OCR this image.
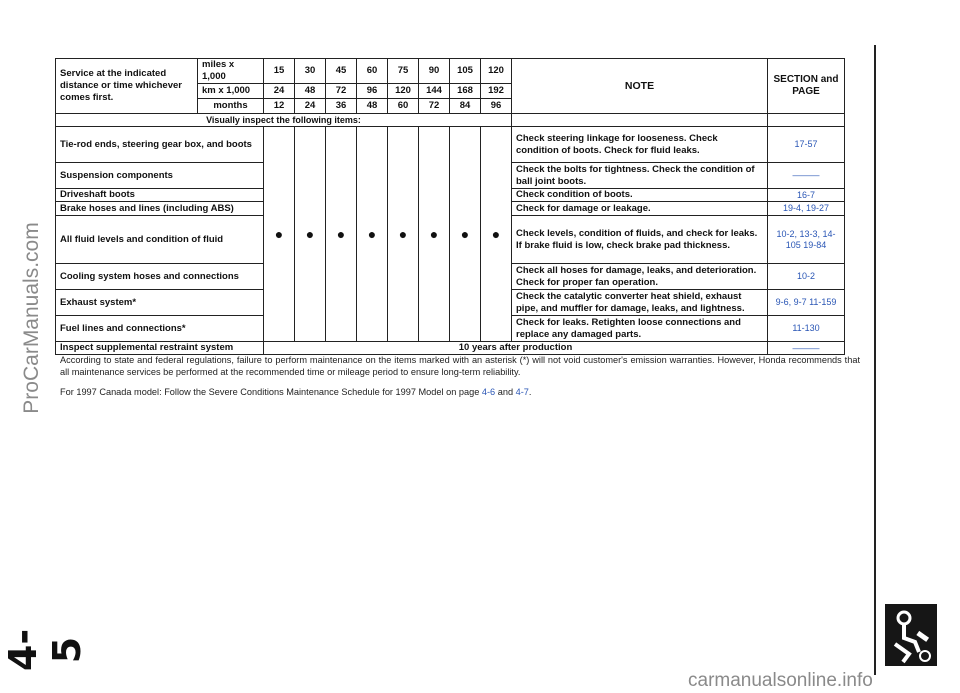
ProCarManuals.com
Service at the indicated distance or time whichever comes first.	miles x 1,000	15	30	45	60	75	90	105	120	NOTE	SECTION and PAGE
	km x 1,000	24	48	72	96	120	144	168	192		
	months	12	24	36	48	60	72	84	96		
Visually inspect the following items:											
Tie-rod ends, steering gear box, and boots		●	●	●	●	●	●	●	●	Check steering linkage for looseness. Check condition of boots. Check for fluid leaks.	17-57
Suspension components										Check the bolts for tightness. Check the condition of ball joint boots.	———
Driveshaft boots										Check condition of boots.	16-7
Brake hoses and lines (including ABS)										Check for damage or leakage.	19-4, 19-27
All fluid levels and condition of fluid										Check levels, condition of fluids, and check for leaks. If brake fluid is low, check brake pad thickness.	10-2, 13-3, 14-105 19-84
Cooling system hoses and connections										Check all hoses for damage, leaks, and deterioration. Check for proper fan operation.	10-2
Exhaust system*										Check the catalytic converter heat shield, exhaust pipe, and muffler for damage, leaks, and lightness.	9-6, 9-7 11-159
Fuel lines and connections*										Check for leaks. Retighten loose connections and replace any damaged parts.	11-130
Inspect supplemental restraint system		10 years after production									———
According to state and federal regulations, failure to perform maintenance on the items marked with an asterisk (*) will not void customer's emission warranties. However, Honda recommends that all maintenance services be performed at the recommended time or mileage period to ensure long-term reliability.
For 1997 Canada model: Follow the Severe Conditions Maintenance Schedule for 1997 Model on page 4-6 and 4-7.
4-5
carmanualsonline.info
